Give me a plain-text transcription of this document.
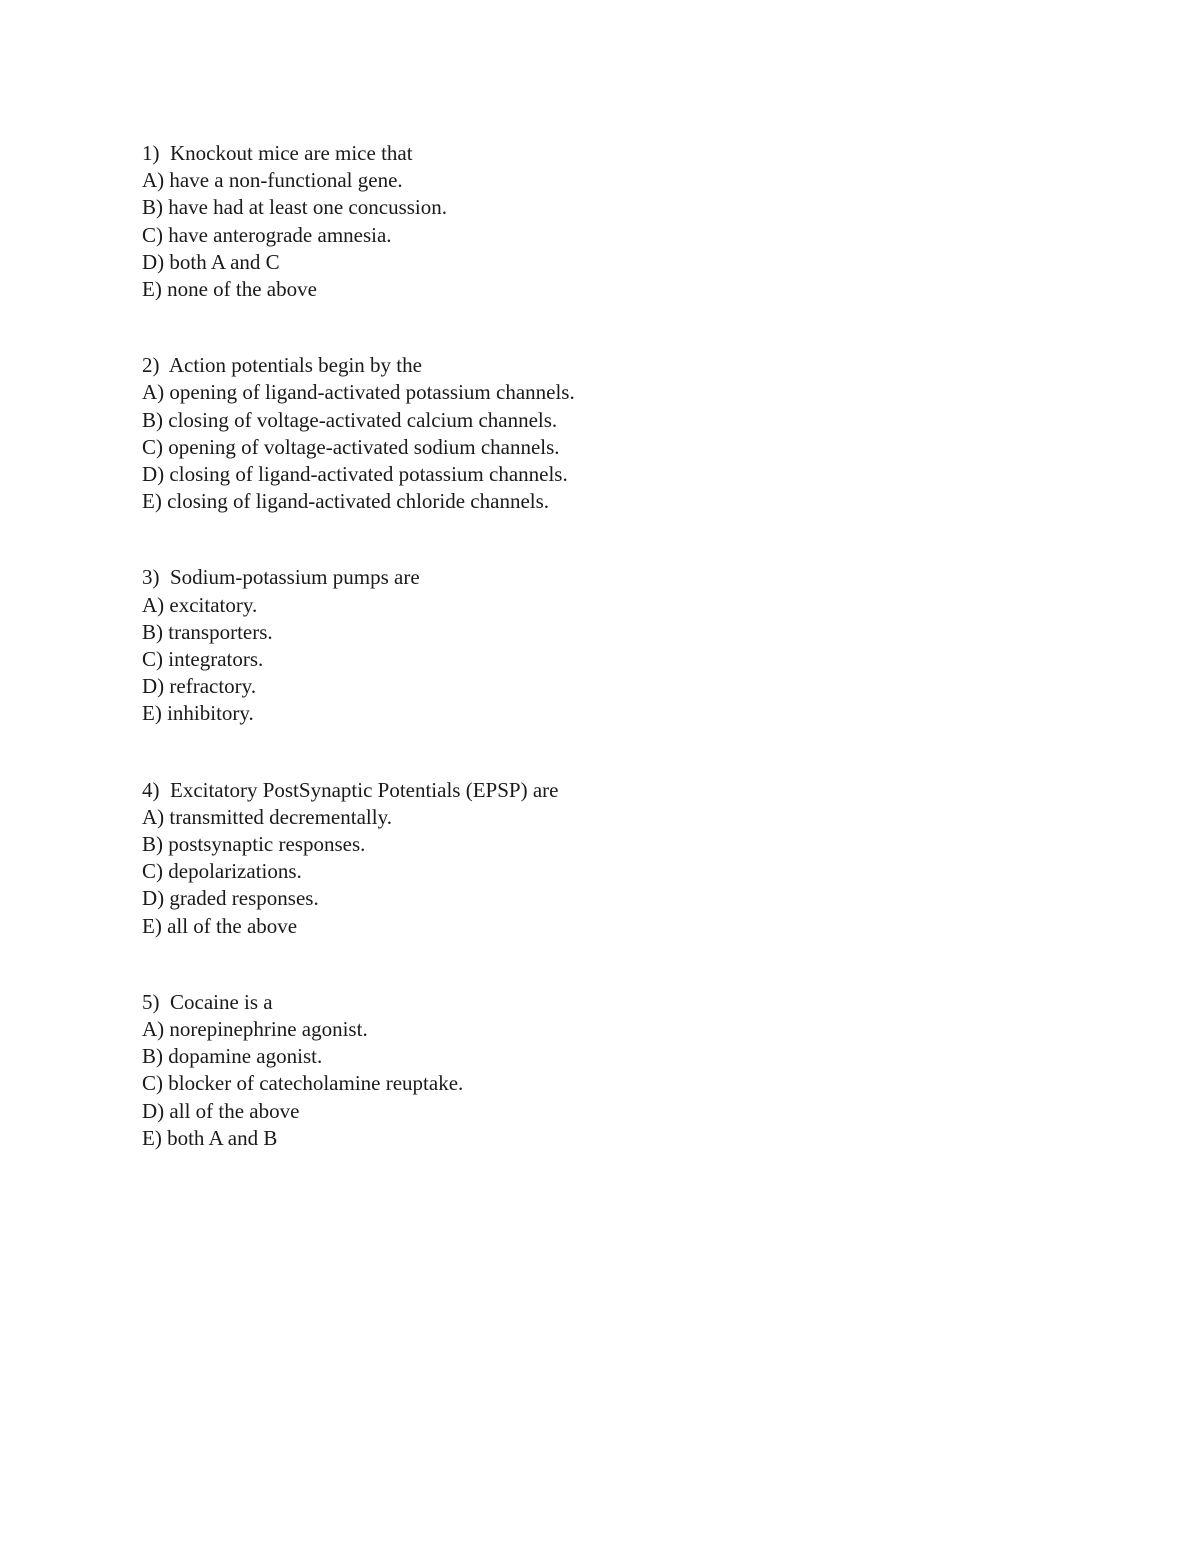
1)  Knockout mice are mice that
A) have a non-functional gene.
B) have had at least one concussion.
C) have anterograde amnesia.
D) both A and C
E) none of the above
2)  Action potentials begin by the
A) opening of ligand-activated potassium channels.
B) closing of voltage-activated calcium channels.
C) opening of voltage-activated sodium channels.
D) closing of ligand-activated potassium channels.
E) closing of ligand-activated chloride channels.
3)  Sodium-potassium pumps are
A) excitatory.
B) transporters.
C) integrators.
D) refractory.
E) inhibitory.
4)  Excitatory PostSynaptic Potentials (EPSP) are
A) transmitted decrementally.
B) postsynaptic responses.
C) depolarizations.
D) graded responses.
E) all of the above
5)  Cocaine is a
A) norepinephrine agonist.
B) dopamine agonist.
C) blocker of catecholamine reuptake.
D) all of the above
E) both A and B
